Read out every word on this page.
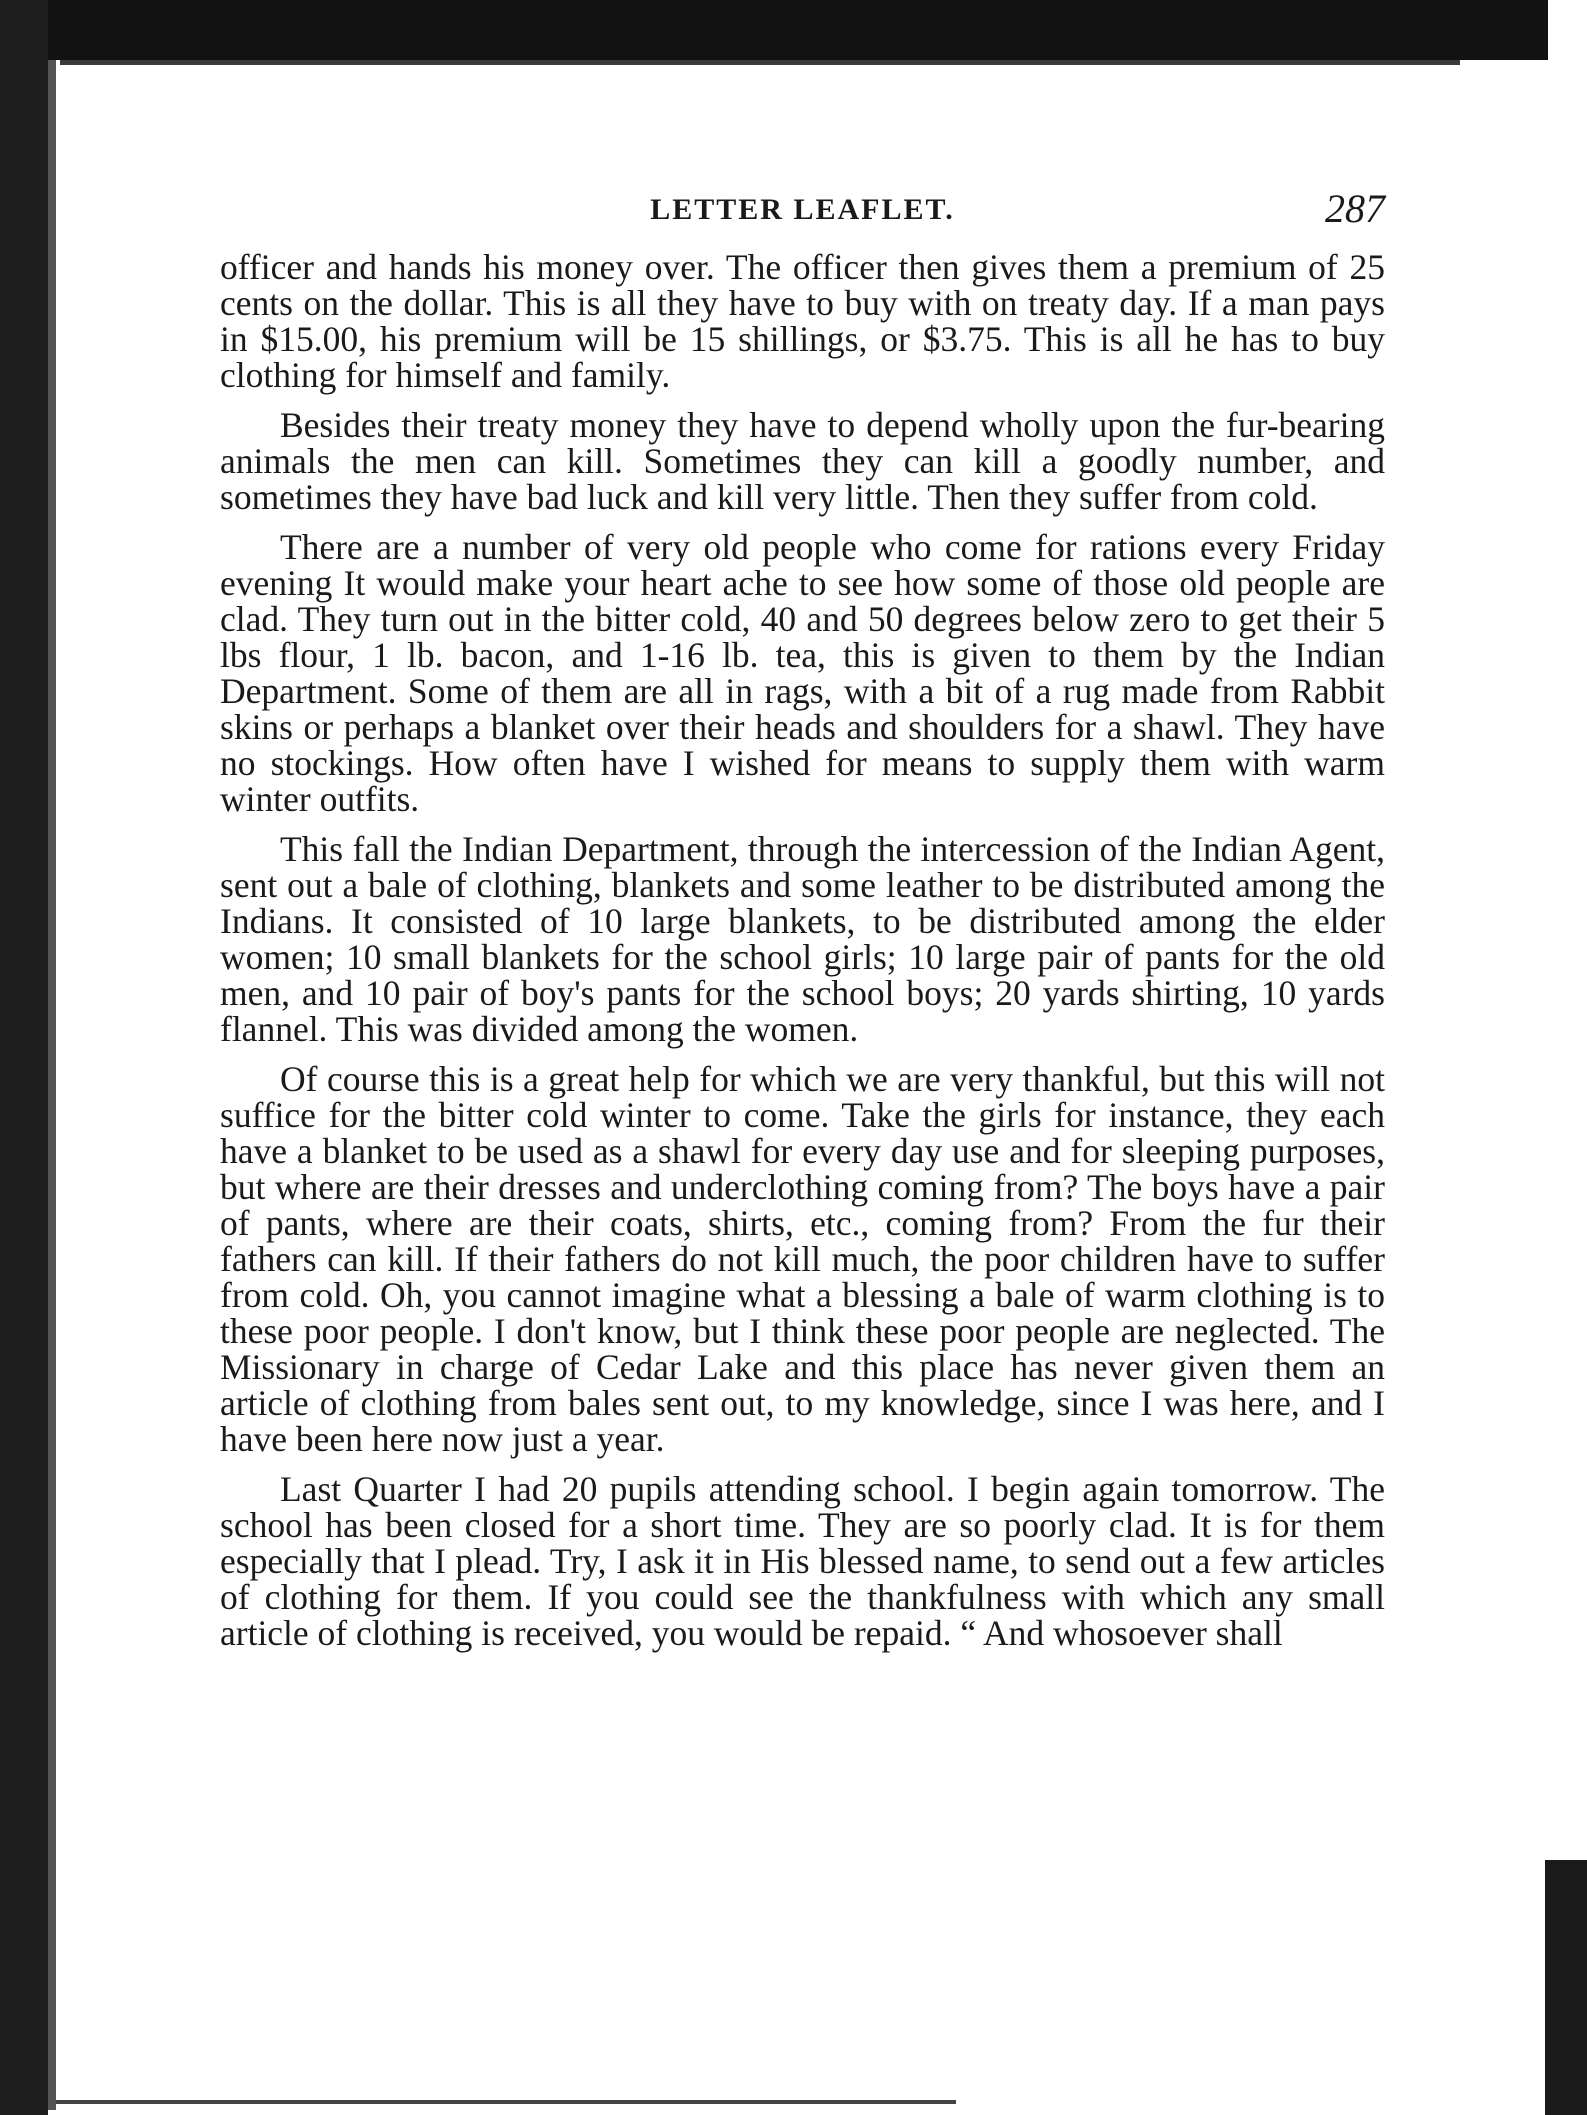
LETTER LEAFLET.	287

officer and hands his money over. The officer then gives them a premium of 25 cents on the dollar. This is all they have to buy with on treaty day. If a man pays in $15.00, his premium will be 15 shillings, or $3.75. This is all he has to buy clothing for himself and family.

Besides their treaty money they have to depend wholly upon the fur-bearing animals the men can kill. Sometimes they can kill a goodly number, and sometimes they have bad luck and kill very little. Then they suffer from cold.

There are a number of very old people who come for rations every Friday evening It would make your heart ache to see how some of those old people are clad. They turn out in the bitter cold, 40 and 50 degrees below zero to get their 5 lbs flour, 1 lb. bacon, and 1-16 lb. tea, this is given to them by the Indian Department. Some of them are all in rags, with a bit of a rug made from Rabbit skins or perhaps a blanket over their heads and shoulders for a shawl. They have no stockings. How often have I wished for means to supply them with warm winter outfits.

This fall the Indian Department, through the intercession of the Indian Agent, sent out a bale of clothing, blankets and some leather to be distributed among the Indians. It consisted of 10 large blankets, to be distributed among the elder women; 10 small blankets for the school girls; 10 large pair of pants for the old men, and 10 pair of boy's pants for the school boys; 20 yards shirting, 10 yards flannel. This was divided among the women.

Of course this is a great help for which we are very thankful, but this will not suffice for the bitter cold winter to come. Take the girls for instance, they each have a blanket to be used as a shawl for every day use and for sleeping purposes, but where are their dresses and underclothing coming from? The boys have a pair of pants, where are their coats, shirts, etc., coming from? From the fur their fathers can kill. If their fathers do not kill much, the poor children have to suffer from cold. Oh, you cannot imagine what a blessing a bale of warm clothing is to these poor people. I don't know, but I think these poor people are neglected. The Missionary in charge of Cedar Lake and this place has never given them an article of clothing from bales sent out, to my knowledge, since I was here, and I have been here now just a year.

Last Quarter I had 20 pupils attending school. I begin again tomorrow. The school has been closed for a short time. They are so poorly clad. It is for them especially that I plead. Try, I ask it in His blessed name, to send out a few articles of clothing for them. If you could see the thankfulness with which any small article of clothing is received, you would be repaid. “ And whosoever shall
